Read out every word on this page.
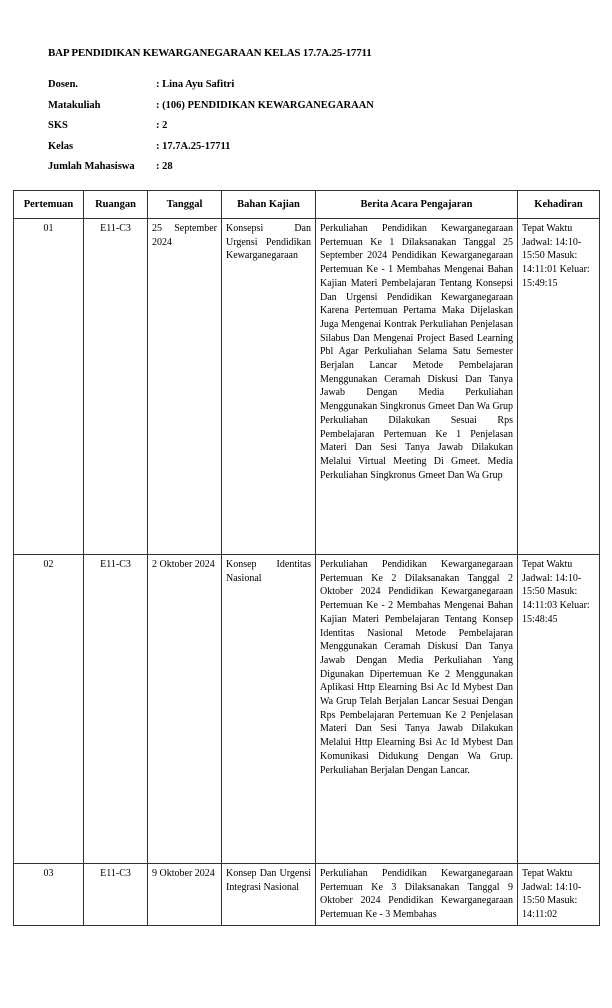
BAP PENDIDIKAN KEWARGANEGARAAN KELAS 17.7A.25-17711
Dosen.	: Lina Ayu Safitri
Matakuliah	: (106) PENDIDIKAN KEWARGANEGARAAN
SKS	: 2
Kelas	: 17.7A.25-17711
Jumlah Mahasiswa	: 28
Pertemuan	Ruangan	Tanggal	Bahan Kajian	Berita Acara Pengajaran	Kehadiran
01	E11-C3	25 September 2024	Konsepsi Dan Urgensi Pendidikan Kewarganegaraan	Perkuliahan Pendidikan Kewarganegaraan Pertemuan Ke 1 Dilaksanakan Tanggal 25 September 2024 Pendidikan Kewarganegaraan Pertemuan Ke - 1 Membahas Mengenai Bahan Kajian Materi Pembelajaran Tentang Konsepsi Dan Urgensi Pendidikan Kewarganegaraan Karena Pertemuan Pertama Maka Dijelaskan Juga Mengenai Kontrak Perkuliahan Penjelasan Silabus Dan Mengenai Project Based Learning Pbl Agar Perkuliahan Selama Satu Semester Berjalan Lancar Metode Pembelajaran Menggunakan Ceramah Diskusi Dan Tanya Jawab Dengan Media Perkuliahan Menggunakan Singkronus Gmeet Dan Wa Grup Perkuliahan Dilakukan Sesuai Rps Pembelajaran Pertemuan Ke 1 Penjelasan Materi Dan Sesi Tanya Jawab Dilakukan Melalui Virtual Meeting Di Gmeet. Media Perkuliahan Singkronus Gmeet Dan Wa Grup	Tepat Waktu Jadwal: 14:10-15:50 Masuk: 14:11:01 Keluar: 15:49:15
02	E11-C3	2 Oktober 2024	Konsep Identitas Nasional	Perkuliahan Pendidikan Kewarganegaraan Pertemuan Ke 2 Dilaksanakan Tanggal 2 Oktober 2024 Pendidikan Kewarganegaraan Pertemuan Ke - 2 Membahas Mengenai Bahan Kajian Materi Pembelajaran Tentang Konsep Identitas Nasional Metode Pembelajaran Menggunakan Ceramah Diskusi Dan Tanya Jawab Dengan Media Perkuliahan Yang Digunakan Dipertemuan Ke 2 Menggunakan Aplikasi Http Elearning Bsi Ac Id Mybest Dan Wa Grup Telah Berjalan Lancar Sesuai Dengan Rps Pembelajaran Pertemuan Ke 2 Penjelasan Materi Dan Sesi Tanya Jawab Dilakukan Melalui Http Elearning Bsi Ac Id Mybest Dan Komunikasi Didukung Dengan Wa Grup. Perkuliahan Berjalan Dengan Lancar.	Tepat Waktu Jadwal: 14:10-15:50 Masuk: 14:11:03 Keluar: 15:48:45
03	E11-C3	9 Oktober 2024	Konsep Dan Urgensi Integrasi Nasional	Perkuliahan Pendidikan Kewarganegaraan Pertemuan Ke 3 Dilaksanakan Tanggal 9 Oktober 2024 Pendidikan Kewarganegaraan Pertemuan Ke - 3 Membahas	Tepat Waktu Jadwal: 14:10-15:50 Masuk: 14:11:02
